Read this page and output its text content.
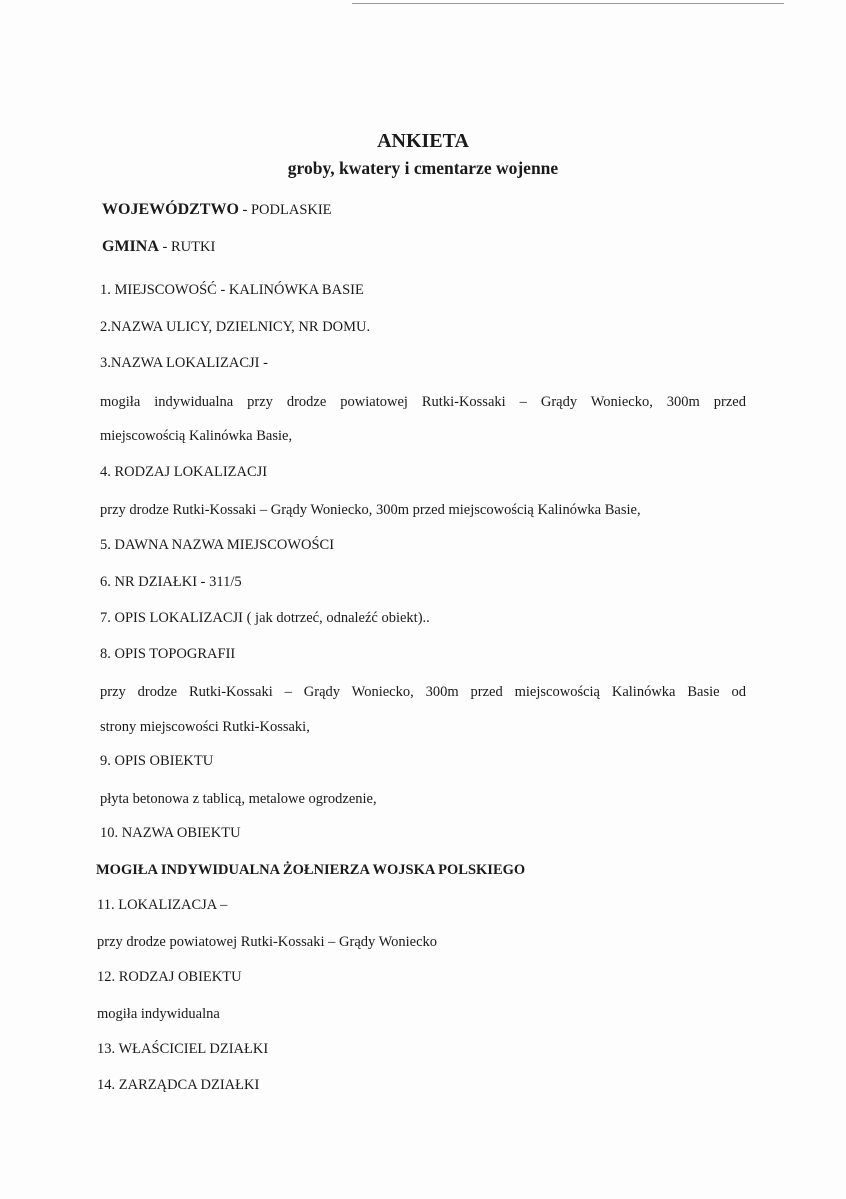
ANKIETA
groby, kwatery i cmentarze wojenne
WOJEWÓDZTWO - PODLASKIE
GMINA - RUTKI
1. MIEJSCOWOŚĆ - KALINÓWKA BASIE
2.NAZWA ULICY, DZIELNICY, NR DOMU.
3.NAZWA LOKALIZACJI -
mogiła indywidualna przy drodze powiatowej Rutki-Kossaki – Grądy Woniecko, 300m przed
miejscowością Kalinówka Basie,
4. RODZAJ LOKALIZACJI
przy drodze Rutki-Kossaki – Grądy Woniecko, 300m przed miejscowością Kalinówka Basie,
5. DAWNA NAZWA MIEJSCOWOŚCI
6. NR DZIAŁKI - 311/5
7. OPIS LOKALIZACJI ( jak dotrzeć, odnaleźć obiekt)..
8. OPIS TOPOGRAFII
przy drodze Rutki-Kossaki – Grądy Woniecko, 300m przed miejscowością Kalinówka Basie od
strony miejscowości Rutki-Kossaki,
9. OPIS OBIEKTU
płyta betonowa z tablicą, metalowe ogrodzenie,
10. NAZWA OBIEKTU
MOGIŁA INDYWIDUALNA ŻOŁNIERZA WOJSKA POLSKIEGO
11. LOKALIZACJA –
przy drodze powiatowej Rutki-Kossaki – Grądy Woniecko
12. RODZAJ OBIEKTU
mogiła indywidualna
13. WŁAŚCICIEL DZIAŁKI
14. ZARZĄDCA DZIAŁKI
